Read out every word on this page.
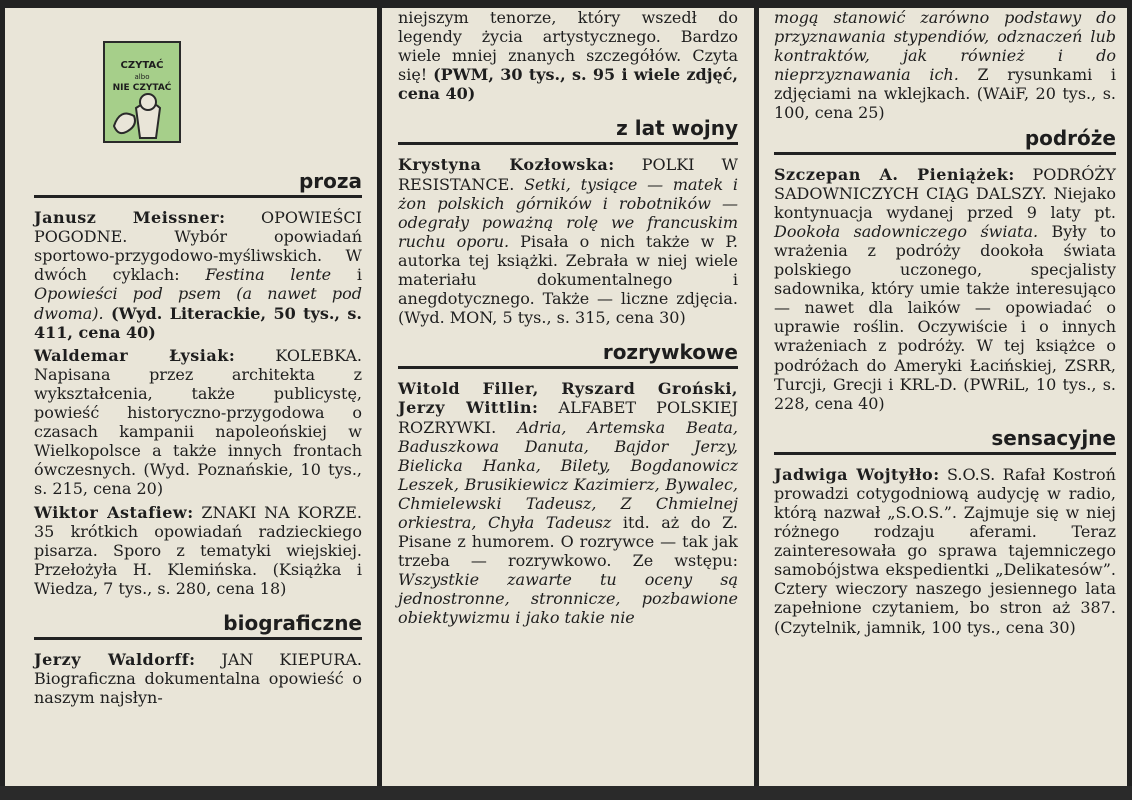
CZYTAĆ
albo
NIE CZYTAĆ
proza

Janusz Meissner: OPOWIEŚCI POGODNE. Wybór opowiadań sportowo-przygodowo-myśliwskich. W dwóch cyklach: Festina lente i Opowieści pod psem (a nawet pod dwoma). (Wyd. Literackie, 50 tys., s. 411, cena 40)

Waldemar Łysiak: KOLEBKA. Napisana przez architekta z wykształcenia, także publicystę, powieść historyczno-przygodowa o czasach kampanii napoleońskiej w Wielkopolsce a także innych frontach ówczesnych. (Wyd. Poznańskie, 10 tys., s. 215, cena 20)

Wiktor Astafiew: ZNAKI NA KORZE. 35 krótkich opowiadań radzieckiego pisarza. Sporo z tematyki wiejskiej. Przełożyła H. Klemińska. (Książka i Wiedza, 7 tys., s. 280, cena 18)

biograficzne

Jerzy Waldorff: JAN KIEPURA. Biograficzna dokumentalna opowieść o naszym najsłyn-

niejszym tenorze, który wszedł do legendy życia artystycznego. Bardzo wiele mniej znanych szczegółów. Czyta się! (PWM, 30 tys., s. 95 i wiele zdjęć, cena 40)

z lat wojny

Krystyna Kozłowska: POLKI W RESISTANCE. Setki, tysiące — matek i żon polskich górników i robotników — odegrały poważną rolę we francuskim ruchu oporu. Pisała o nich także w P. autorka tej książki. Zebrała w niej wiele materiału dokumentalnego i anegdotycznego. Także — liczne zdjęcia. (Wyd. MON, 5 tys., s. 315, cena 30)

rozrywkowe

Witold Filler, Ryszard Groński, Jerzy Wittlin: ALFABET POLSKIEJ ROZRYWKI. Adria, Artemska Beata, Baduszkowa Danuta, Bajdor Jerzy, Bielicka Hanka, Bilety, Bogdanowicz Leszek, Brusikiewicz Kazimierz, Bywalec, Chmielewski Tadeusz, Z Chmielnej orkiestra, Chyła Tadeusz itd. aż do Z. Pisane z humorem. O rozrywce — tak jak trzeba — rozrywkowo. Ze wstępu: Wszystkie zawarte tu oceny są jednostronne, stronnicze, pozbawione obiektywizmu i jako takie nie

mogą stanowić zarówno podstawy do przyznawania stypendiów, odznaczeń lub kontraktów, jak również i do nieprzyznawania ich. Z rysunkami i zdjęciami na wklejkach. (WAiF, 20 tys., s. 100, cena 25)

podróże

Szczepan A. Pieniążek: PODRÓŻY SADOWNICZYCH CIĄG DALSZY. Niejako kontynuacja wydanej przed 9 laty pt. Dookoła sadowniczego świata. Były to wrażenia z podróży dookoła świata polskiego uczonego, specjalisty sadownika, który umie także interesująco — nawet dla laików — opowiadać o uprawie roślin. Oczywiście i o innych wrażeniach z podróży. W tej książce o podróżach do Ameryki Łacińskiej, ZSRR, Turcji, Grecji i KRL-D. (PWRiL, 10 tys., s. 228, cena 40)

sensacyjne

Jadwiga Wojtyłło: S.O.S. Rafał Kostroń prowadzi cotygodniową audycję w radio, którą nazwał „S.O.S.”. Zajmuje się w niej różnego rodzaju aferami. Teraz zainteresowała go sprawa tajemniczego samobójstwa ekspedientki „Delikatesów”. Cztery wieczory naszego jesiennego lata zapełnione czytaniem, bo stron aż 387. (Czytelnik, jamnik, 100 tys., cena 30)
